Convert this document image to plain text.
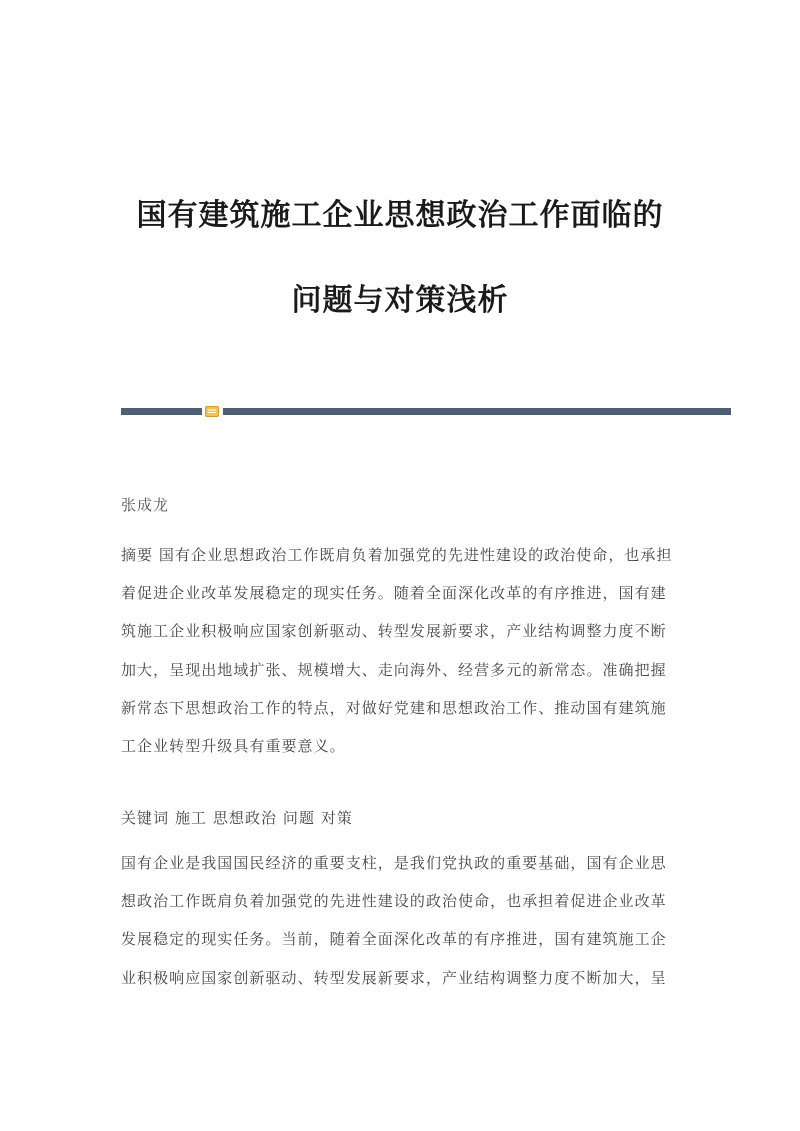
国有建筑施工企业思想政治工作面临的
问题与对策浅析
张成龙
摘要 国有企业思想政治工作既肩负着加强党的先进性建设的政治使命，也承担
着促进企业改革发展稳定的现实任务。随着全面深化改革的有序推进，国有建
筑施工企业积极响应国家创新驱动、转型发展新要求，产业结构调整力度不断
加大，呈现出地域扩张、规模增大、走向海外、经营多元的新常态。准确把握
新常态下思想政治工作的特点，对做好党建和思想政治工作、推动国有建筑施
工企业转型升级具有重要意义。
关键词 施工 思想政治 问题 对策
国有企业是我国国民经济的重要支柱，是我们党执政的重要基础，国有企业思
想政治工作既肩负着加强党的先进性建设的政治使命，也承担着促进企业改革
发展稳定的现实任务。当前，随着全面深化改革的有序推进，国有建筑施工企
业积极响应国家创新驱动、转型发展新要求，产业结构调整力度不断加大，呈
